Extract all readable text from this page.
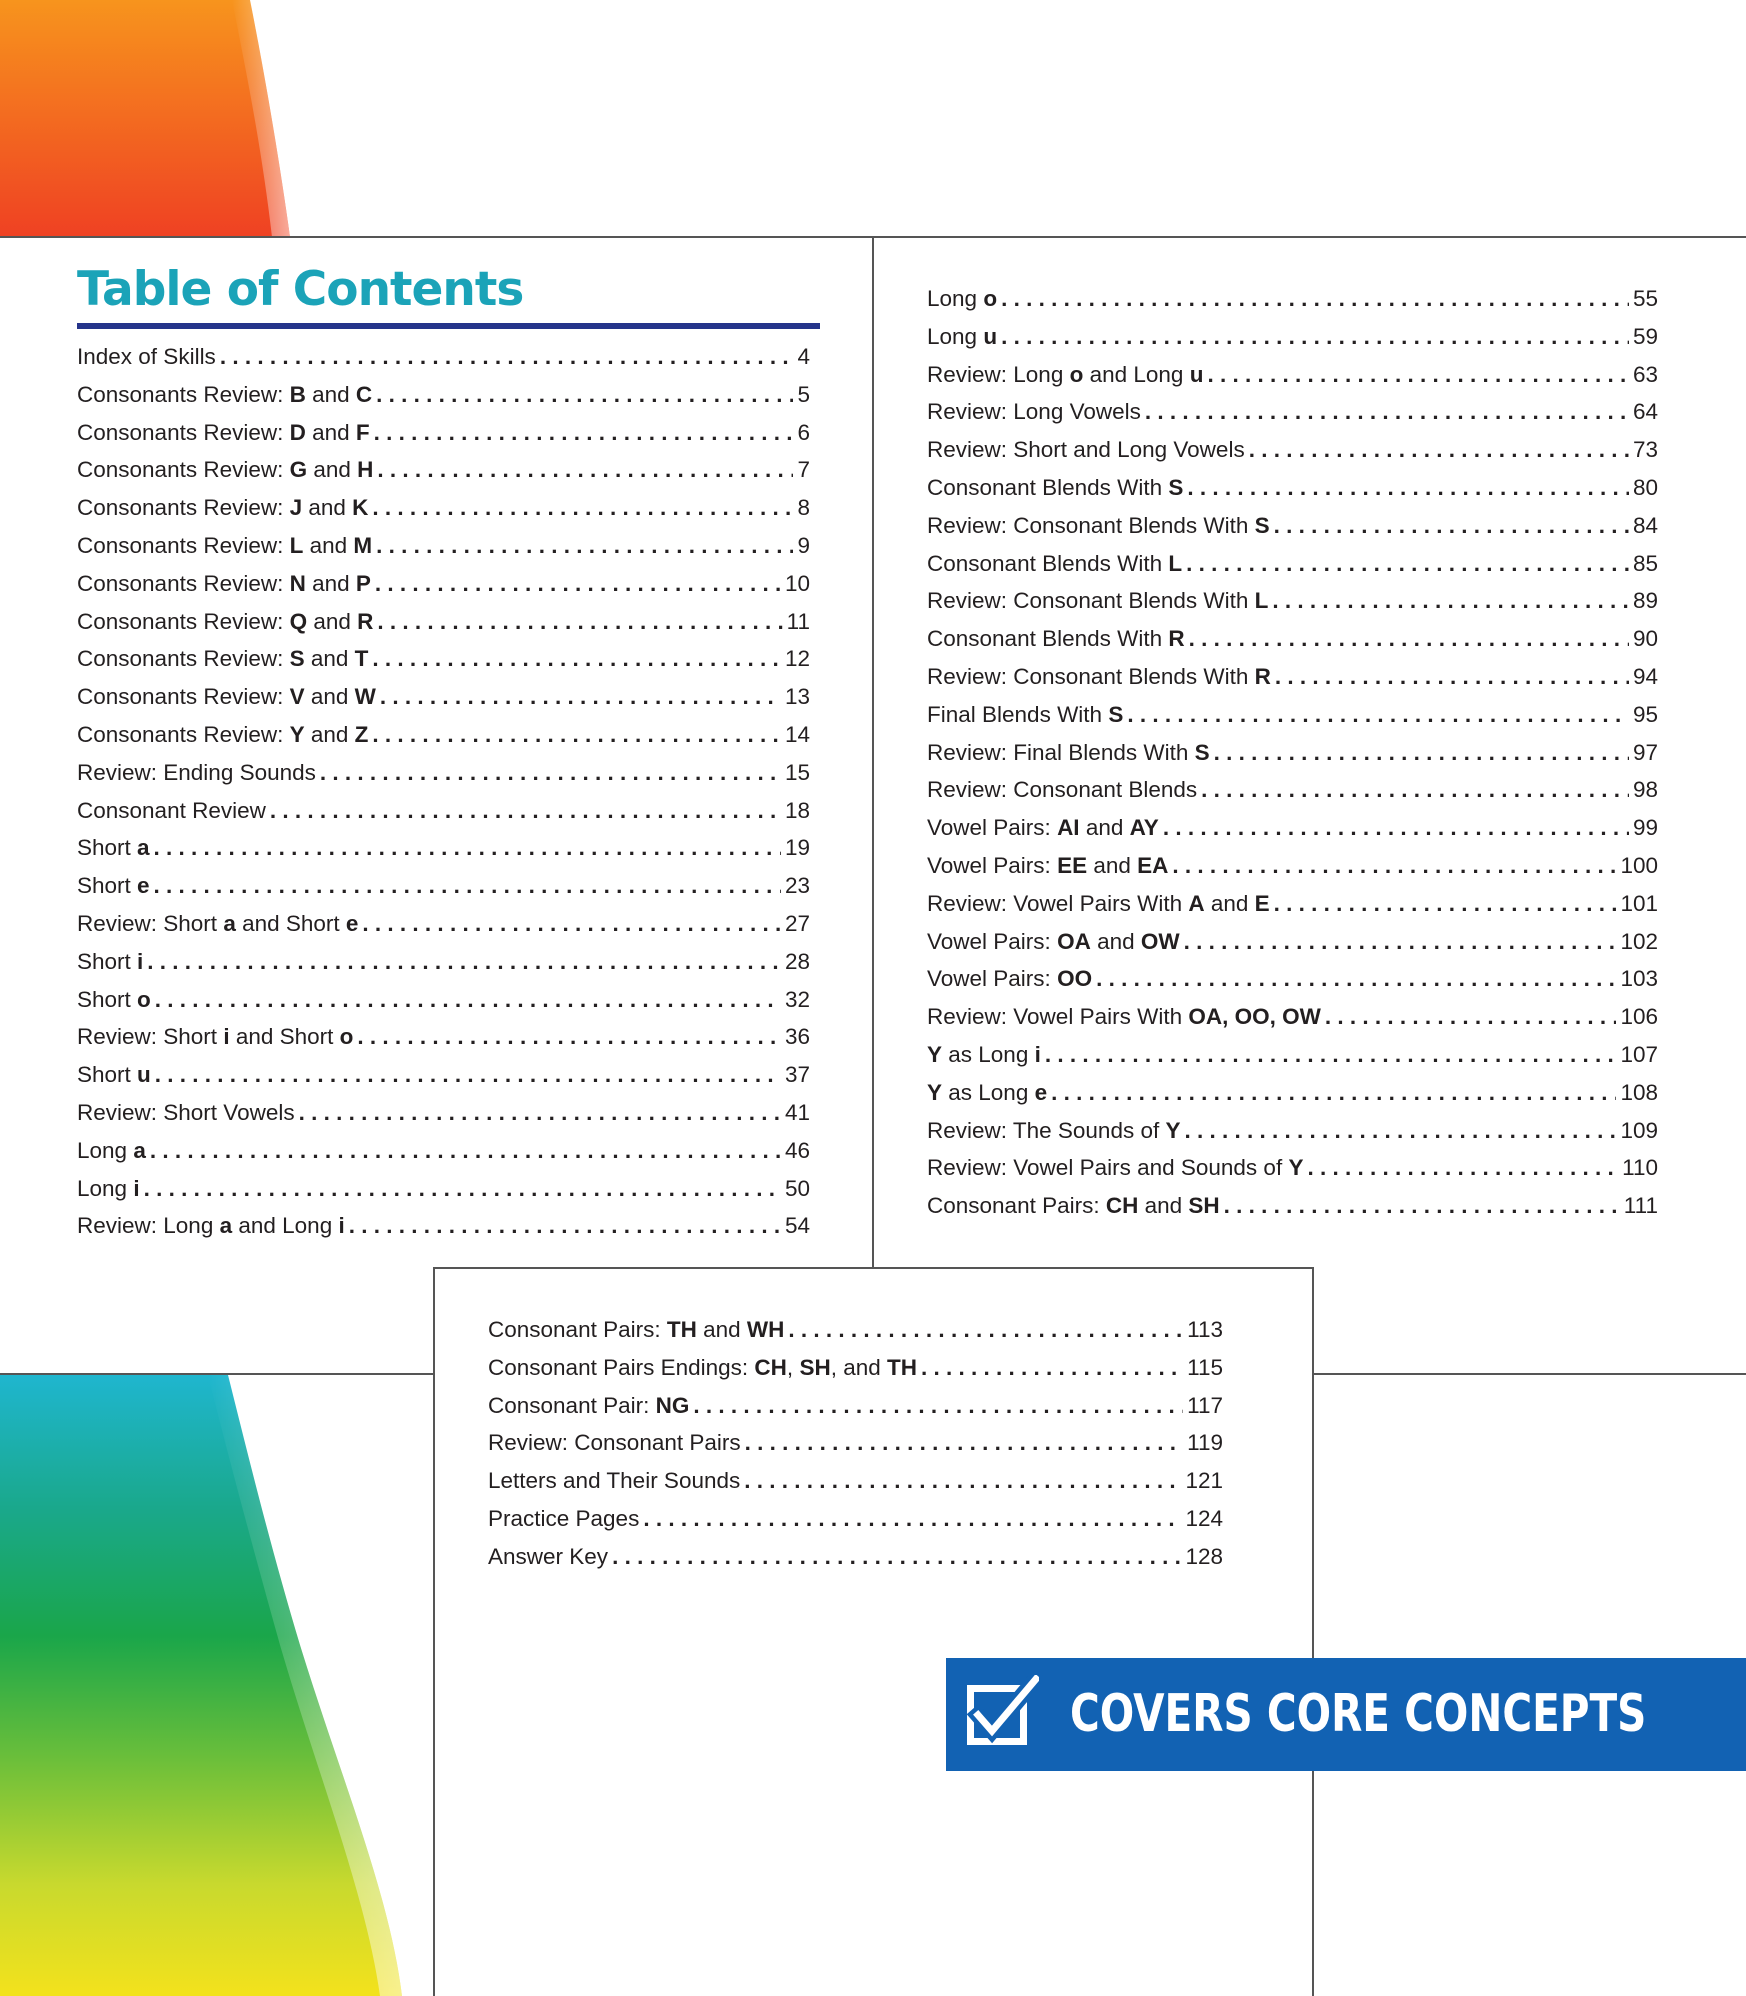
Table of Contents
Index of Skills . . .	4
Consonants Review: B and C . . .	5
Consonants Review: D and F . . .	6
Consonants Review: G and H . . .	7
Consonants Review: J and K . . .	8
Consonants Review: L and M . . .	9
Consonants Review: N and P . . .	10
Consonants Review: Q and R . . .	11
Consonants Review: S and T . . .	12
Consonants Review: V and W . . .	13
Consonants Review: Y and Z . . .	14
Review: Ending Sounds . . .	15
Consonant Review . . .	18
Short a . . .	19
Short e . . .	23
Review: Short a and Short e . . .	27
Short i . . .	28
Short o . . .	32
Review: Short i and Short o . . .	36
Short u . . .	37
Review: Short Vowels . . .	41
Long a . . .	46
Long i . . .	50
Review: Long a and Long i . . .	54
Long o . . .	55
Long u . . .	59
Review: Long o and Long u . . .	63
Review: Long Vowels . . .	64
Review: Short and Long Vowels . . .	73
Consonant Blends With S . . .	80
Review: Consonant Blends With S . . .	84
Consonant Blends With L . . .	85
Review: Consonant Blends With L . . .	89
Consonant Blends With R . . .	90
Review: Consonant Blends With R . . .	94
Final Blends With S . . .	95
Review: Final Blends With S . . .	97
Review: Consonant Blends . . .	98
Vowel Pairs: AI and AY . . .	99
Vowel Pairs: EE and EA . . .	100
Review: Vowel Pairs With A and E . . .	101
Vowel Pairs: OA and OW . . .	102
Vowel Pairs: OO . . .	103
Review: Vowel Pairs With OA, OO, OW . . .	106
Y as Long i . . .	107
Y as Long e . . .	108
Review: The Sounds of Y . . .	109
Review: Vowel Pairs and Sounds of Y . . .	110
Consonant Pairs: CH and SH . . .	111
Consonant Pairs: TH and WH . . .	113
Consonant Pairs Endings: CH, SH, and TH . . .	115
Consonant Pair: NG . . .	117
Review: Consonant Pairs . . .	119
Letters and Their Sounds . . .	121
Practice Pages . . .	124
Answer Key . . .	128
COVERS CORE CONCEPTS
